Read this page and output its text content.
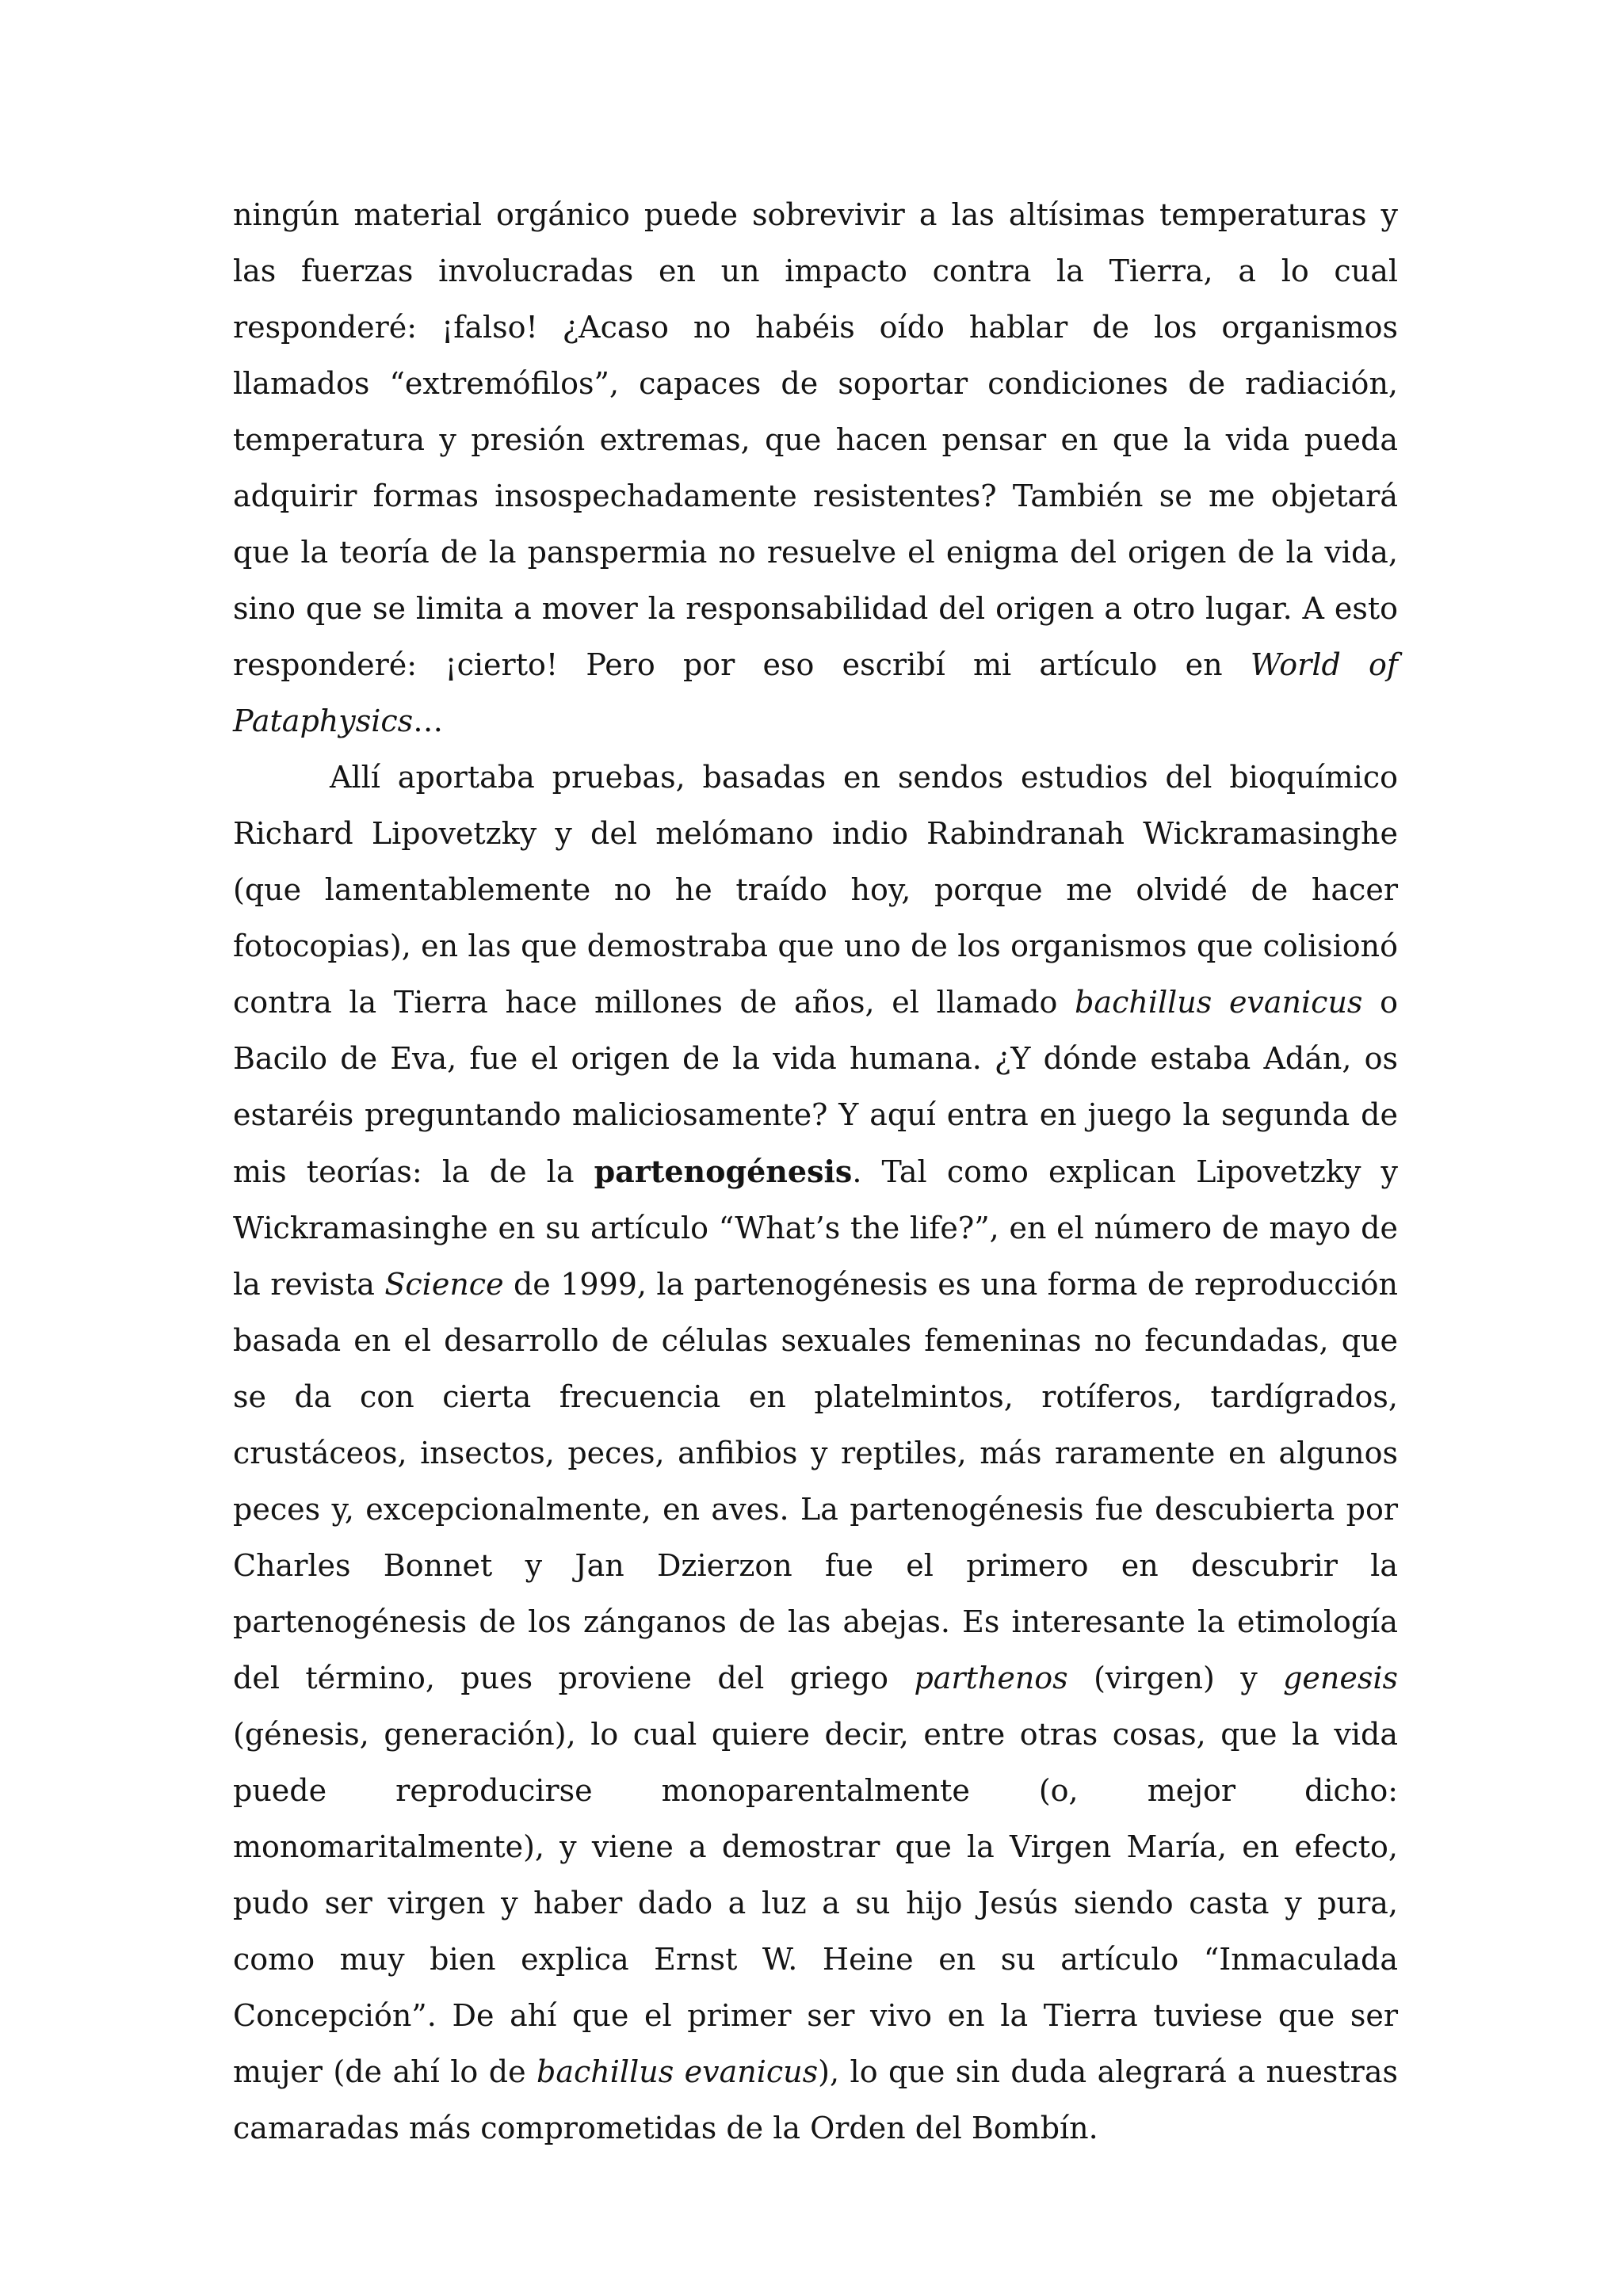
ningún material orgánico puede sobrevivir a las altísimas temperaturas y las fuerzas involucradas en un impacto contra la Tierra, a lo cual responderé: ¡falso! ¿Acaso no habéis oído hablar de los organismos llamados “extremófilos”, capaces de soportar condiciones de radiación, temperatura y presión extremas, que hacen pensar en que la vida pueda adquirir formas insospechadamente resistentes? También se me objetará que la teoría de la panspermia no resuelve el enigma del origen de la vida, sino que se limita a mover la responsabilidad del origen a otro lugar. A esto responderé: ¡cierto! Pero por eso escribí mi artículo en World of Pataphysics…

Allí aportaba pruebas, basadas en sendos estudios del bioquímico Richard Lipovetzky y del melómano indio Rabindranah Wickramasinghe (que lamentablemente no he traído hoy, porque me olvidé de hacer fotocopias), en las que demostraba que uno de los organismos que colisionó contra la Tierra hace millones de años, el llamado bachillus evanicus o Bacilo de Eva, fue el origen de la vida humana. ¿Y dónde estaba Adán, os estaréis preguntando maliciosamente? Y aquí entra en juego la segunda de mis teorías: la de la partenogénesis. Tal como explican Lipovetzky y Wickramasinghe en su artículo “What’s the life?”, en el número de mayo de la revista Science de 1999, la partenogénesis es una forma de reproducción basada en el desarrollo de células sexuales femeninas no fecundadas, que se da con cierta frecuencia en platelmintos, rotíferos, tardígrados, crustáceos, insectos, peces, anfibios y reptiles, más raramente en algunos peces y, excepcionalmente, en aves. La partenogénesis fue descubierta por Charles Bonnet y Jan Dzierzon fue el primero en descubrir la partenogénesis de los zánganos de las abejas. Es interesante la etimología del término, pues proviene del griego parthenos (virgen) y genesis (génesis, generación), lo cual quiere decir, entre otras cosas, que la vida puede reproducirse monoparentalmente (o, mejor dicho: monomaritalmente), y viene a demostrar que la Virgen María, en efecto, pudo ser virgen y haber dado a luz a su hijo Jesús siendo casta y pura, como muy bien explica Ernst W. Heine en su artículo “Inmaculada Concepción”. De ahí que el primer ser vivo en la Tierra tuviese que ser mujer (de ahí lo de bachillus evanicus), lo que sin duda alegrará a nuestras camaradas más comprometidas de la Orden del Bombín.
